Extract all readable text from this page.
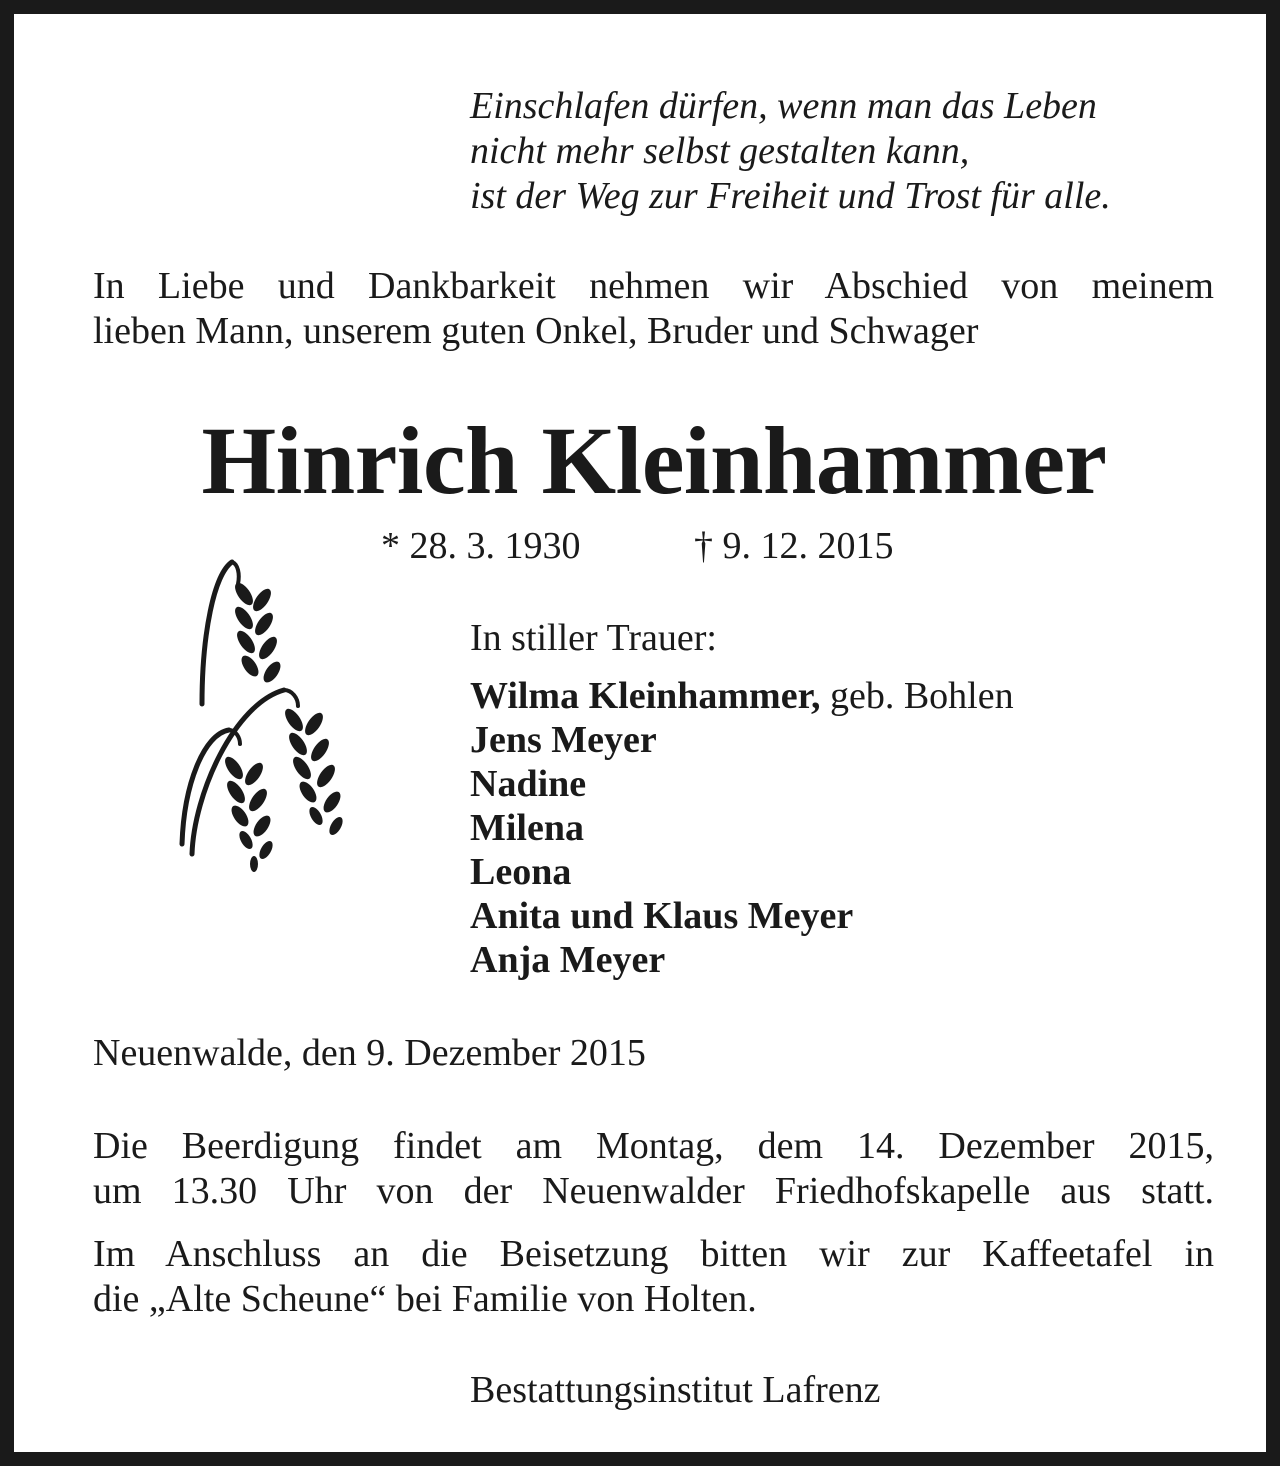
Einschlafen dürfen, wenn man das Leben
nicht mehr selbst gestalten kann,
ist der Weg zur Freiheit und Trost für alle.
In Liebe und Dankbarkeit nehmen wir Abschied von meinem
lieben Mann, unserem guten Onkel, Bruder und Schwager
Hinrich Kleinhammer
* 28. 3. 1930	† 9. 12. 2015
In stiller Trauer:
Wilma Kleinhammer, geb. Bohlen
Jens Meyer
Nadine
Milena
Leona
Anita und Klaus Meyer
Anja Meyer
Neuenwalde, den 9. Dezember 2015
Die Beerdigung findet am Montag, dem 14. Dezember 2015,
um 13.30 Uhr von der Neuenwalder Friedhofskapelle aus statt.
Im Anschluss an die Beisetzung bitten wir zur Kaffeetafel in
die „Alte Scheune“ bei Familie von Holten.
Bestattungsinstitut Lafrenz
